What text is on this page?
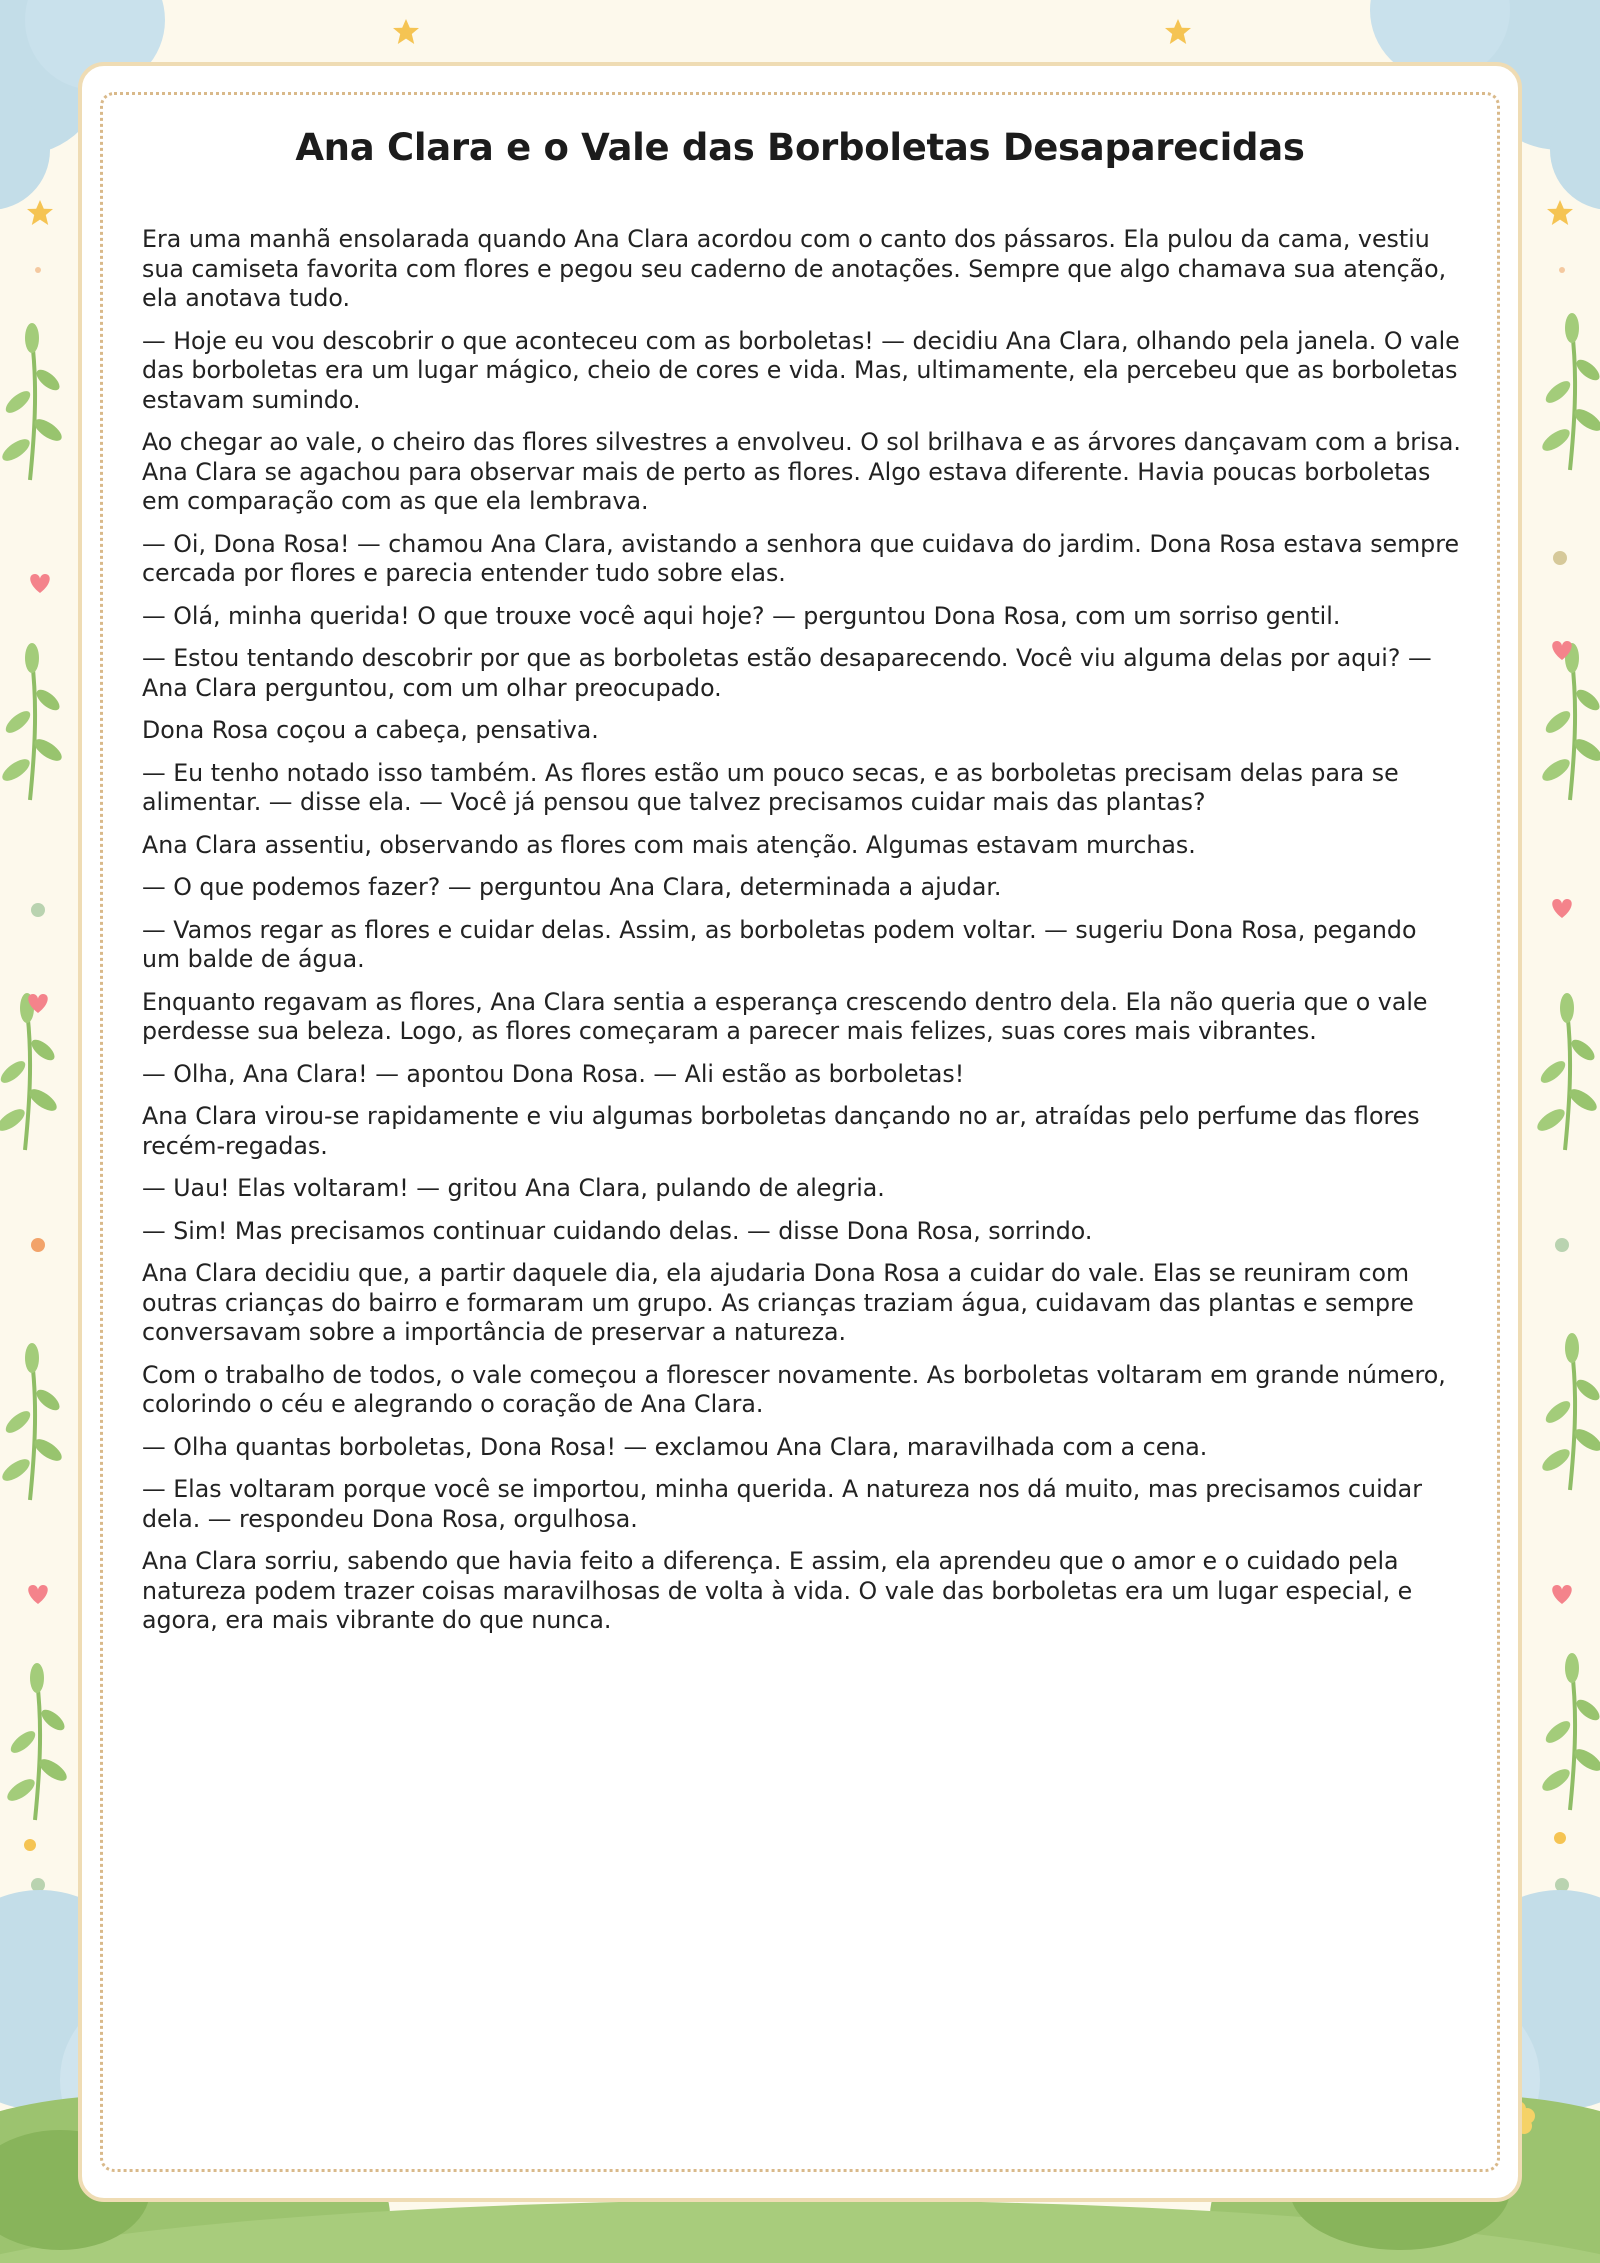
Ana Clara e o Vale das Borboletas Desaparecidas

Era uma manhã ensolarada quando Ana Clara acordou com o canto dos pássaros. Ela pulou da cama, vestiu sua camiseta favorita com flores e pegou seu caderno de anotações. Sempre que algo chamava sua atenção, ela anotava tudo.

— Hoje eu vou descobrir o que aconteceu com as borboletas! — decidiu Ana Clara, olhando pela janela. O vale das borboletas era um lugar mágico, cheio de cores e vida. Mas, ultimamente, ela percebeu que as borboletas estavam sumindo.

Ao chegar ao vale, o cheiro das flores silvestres a envolveu. O sol brilhava e as árvores dançavam com a brisa. Ana Clara se agachou para observar mais de perto as flores. Algo estava diferente. Havia poucas borboletas em comparação com as que ela lembrava.

— Oi, Dona Rosa! — chamou Ana Clara, avistando a senhora que cuidava do jardim. Dona Rosa estava sempre cercada por flores e parecia entender tudo sobre elas.

— Olá, minha querida! O que trouxe você aqui hoje? — perguntou Dona Rosa, com um sorriso gentil.

— Estou tentando descobrir por que as borboletas estão desaparecendo. Você viu alguma delas por aqui? — Ana Clara perguntou, com um olhar preocupado.

Dona Rosa coçou a cabeça, pensativa.

— Eu tenho notado isso também. As flores estão um pouco secas, e as borboletas precisam delas para se alimentar. — disse ela. — Você já pensou que talvez precisamos cuidar mais das plantas?

Ana Clara assentiu, observando as flores com mais atenção. Algumas estavam murchas.

— O que podemos fazer? — perguntou Ana Clara, determinada a ajudar.

— Vamos regar as flores e cuidar delas. Assim, as borboletas podem voltar. — sugeriu Dona Rosa, pegando um balde de água.

Enquanto regavam as flores, Ana Clara sentia a esperança crescendo dentro dela. Ela não queria que o vale perdesse sua beleza. Logo, as flores começaram a parecer mais felizes, suas cores mais vibrantes.

— Olha, Ana Clara! — apontou Dona Rosa. — Ali estão as borboletas!

Ana Clara virou-se rapidamente e viu algumas borboletas dançando no ar, atraídas pelo perfume das flores recém-regadas.

— Uau! Elas voltaram! — gritou Ana Clara, pulando de alegria.

— Sim! Mas precisamos continuar cuidando delas. — disse Dona Rosa, sorrindo.

Ana Clara decidiu que, a partir daquele dia, ela ajudaria Dona Rosa a cuidar do vale. Elas se reuniram com outras crianças do bairro e formaram um grupo. As crianças traziam água, cuidavam das plantas e sempre conversavam sobre a importância de preservar a natureza.

Com o trabalho de todos, o vale começou a florescer novamente. As borboletas voltaram em grande número, colorindo o céu e alegrando o coração de Ana Clara.

— Olha quantas borboletas, Dona Rosa! — exclamou Ana Clara, maravilhada com a cena.

— Elas voltaram porque você se importou, minha querida. A natureza nos dá muito, mas precisamos cuidar dela. — respondeu Dona Rosa, orgulhosa.

Ana Clara sorriu, sabendo que havia feito a diferença. E assim, ela aprendeu que o amor e o cuidado pela natureza podem trazer coisas maravilhosas de volta à vida. O vale das borboletas era um lugar especial, e agora, era mais vibrante do que nunca.
